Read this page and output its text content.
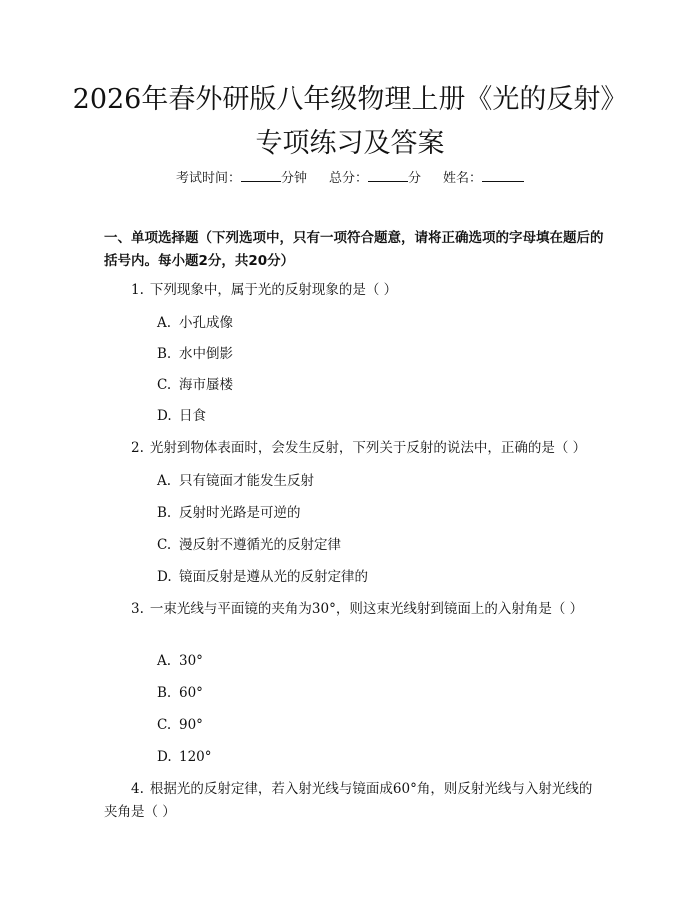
2026年春外研版八年级物理上册《光的反射》专项练习及答案
考试时间：	分钟 总分：	分 姓名：

一、单项选择题（下列选项中，只有一项符合题意，请将正确选项的字母填在题后的括号内。每小题2分，共20分）

1. 下列现象中，属于光的反射现象的是（ ）

A. 小孔成像
B. 水中倒影
C. 海市蜃楼
D. 日食

2. 光射到物体表面时，会发生反射，下列关于反射的说法中，正确的是（ ）

A. 只有镜面才能发生反射
B. 反射时光路是可逆的
C. 漫反射不遵循光的反射定律
D. 镜面反射是遵从光的反射定律的

3. 一束光线与平面镜的夹角为30°，则这束光线射到镜面上的入射角是（ ）

A. 30°
B. 60°
C. 90°
D. 120°

4. 根据光的反射定律，若入射光线与镜面成60°角，则反射光线与入射光线的夹角是（ ）
